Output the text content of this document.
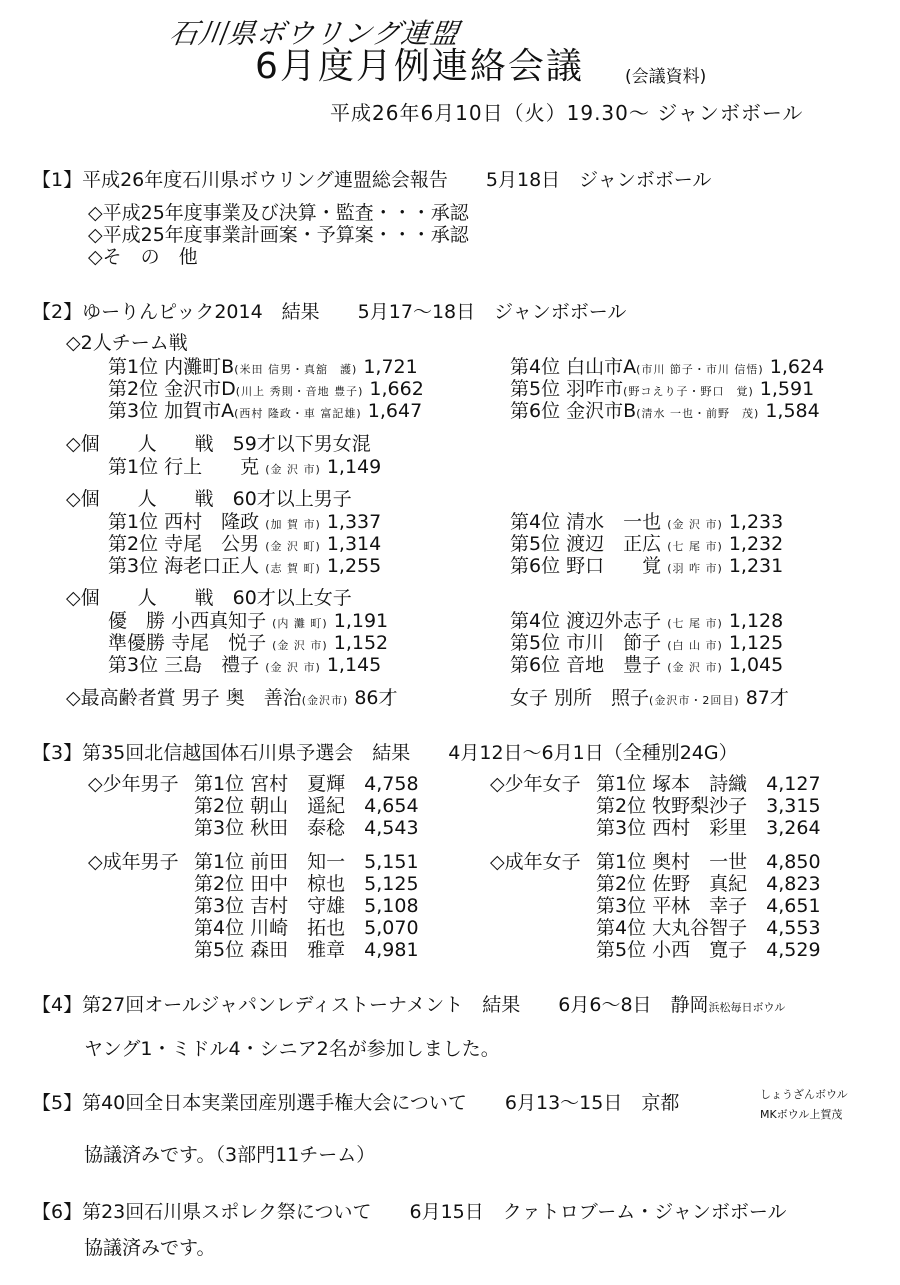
石川県ボウリング連盟
6月度月例連絡会議 (会議資料)
平成26年6月10日（火）19.30～ ジャンボボール
【1】平成26年度石川県ボウリング連盟総会報告　　5月18日　ジャンボボール
◇平成25年度事業及び決算・監査・・・承認
◇平成25年度事業計画案・予算案・・・承認
◇そ　の　他
【2】ゆーりんピック2014　結果　　5月17～18日　ジャンボボール
◇2人チーム戦
第1位 内灘町B(米田 信男・真舘　護) 1,721
第2位 金沢市D(川上 秀則・音地 豊子) 1,662
第3位 加賀市A(西村 隆政・車 富記雄) 1,647
第4位 白山市A(市川 節子・市川 信悟) 1,624
第5位 羽咋市(野コえり子・野口　覚) 1,591
第6位 金沢市B(清水 一也・前野　茂) 1,584
◇個　　人　　戦　59才以下男女混
第1位 行上　　克 (金 沢 市) 1,149
◇個　　人　　戦　60才以上男子
第1位 西村　隆政 (加 賀 市) 1,337
第2位 寺尾　公男 (金 沢 町) 1,314
第3位 海老口正人 (志 賀 町) 1,255
第4位 清水　一也 (金 沢 市) 1,233
第5位 渡辺　正広 (七 尾 市) 1,232
第6位 野口　　覚 (羽 咋 市) 1,231
◇個　　人　　戦　60才以上女子
優　勝 小西真知子 (内 灘 町) 1,191
準優勝 寺尾　悦子 (金 沢 市) 1,152
第3位 三島　禮子 (金 沢 市) 1,145
第4位 渡辺外志子 (七 尾 市) 1,128
第5位 市川　節子 (白 山 市) 1,125
第6位 音地　豊子 (金 沢 市) 1,045
◇最高齢者賞 男子 奥　善治(金沢市) 86才	女子 別所　照子(金沢市・2回目) 87才
【3】第35回北信越国体石川県予選会　結果　　4月12日～6月1日（全種別24G）
◇少年男子 第1位 宮村　夏輝　 4,758
第2位 朝山　遥紀　 4,654
第3位 秋田　泰稔　 4,543
◇少年女子 第1位 塚本　詩織　 4,127
第2位 牧野梨沙子　 3,315
第3位 西村　彩里　 3,264
◇成年男子 第1位 前田　知一　 5,151
第2位 田中　椋也　 5,125
第3位 吉村　守雄　 5,108
第4位 川崎　拓也　 5,070
第5位 森田　雅章　 4,981
◇成年女子 第1位 奥村　一世　 4,850
第2位 佐野　真紀　 4,823
第3位 平林　幸子　 4,651
第4位 大丸谷智子　 4,553
第5位 小西　寛子　 4,529
【4】第27回オールジャパンレディストーナメント　結果　　6月6～8日　静岡浜松毎日ボウル
ヤング1・ミドル4・シニア2名が参加しました。
【5】第40回全日本実業団産別選手権大会について　　6月13～15日　京都	しょうざんボウル
MKボウル上賀茂
協議済みです。（3部門11チーム）
【6】第23回石川県スポレク祭について　　6月15日　クァトロブーム・ジャンボボール
協議済みです。
